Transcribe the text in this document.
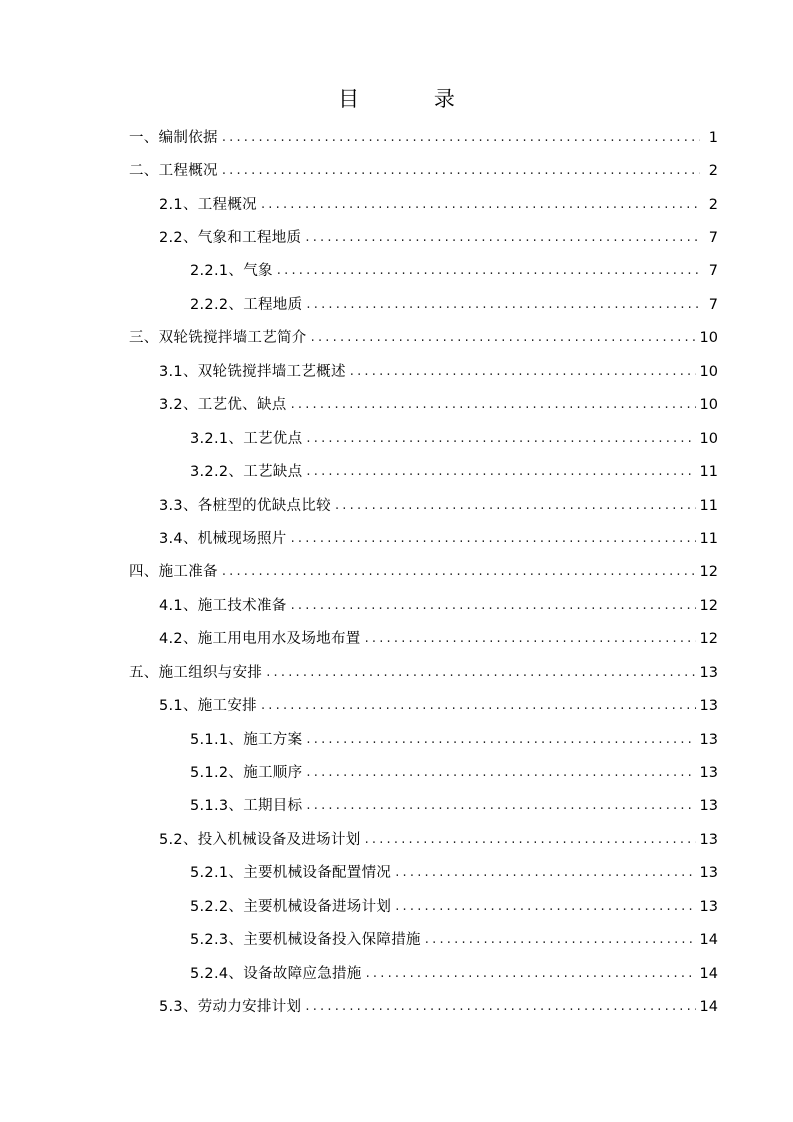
目 录
一、编制依据 .....	1
二、工程概况 .....	2
2.1、工程概况 .....	2
2.2、气象和工程地质 .....	7
2.2.1、气象 .....	7
2.2.2、工程地质 .....	7
三、双轮铣搅拌墙工艺简介 .....	10
3.1、双轮铣搅拌墙工艺概述 .....	10
3.2、工艺优、缺点 .....	10
3.2.1、工艺优点 .....	10
3.2.2、工艺缺点 .....	11
3.3、各桩型的优缺点比较 .....	11
3.4、机械现场照片 .....	11
四、施工准备 .....	12
4.1、施工技术准备 .....	12
4.2、施工用电用水及场地布置 .....	12
五、施工组织与安排 .....	13
5.1、施工安排 .....	13
5.1.1、施工方案 .....	13
5.1.2、施工顺序 .....	13
5.1.3、工期目标 .....	13
5.2、投入机械设备及进场计划 .....	13
5.2.1、主要机械设备配置情况 .....	13
5.2.2、主要机械设备进场计划 .....	13
5.2.3、主要机械设备投入保障措施 .....	14
5.2.4、设备故障应急措施 .....	14
5.3、劳动力安排计划 .....	14
